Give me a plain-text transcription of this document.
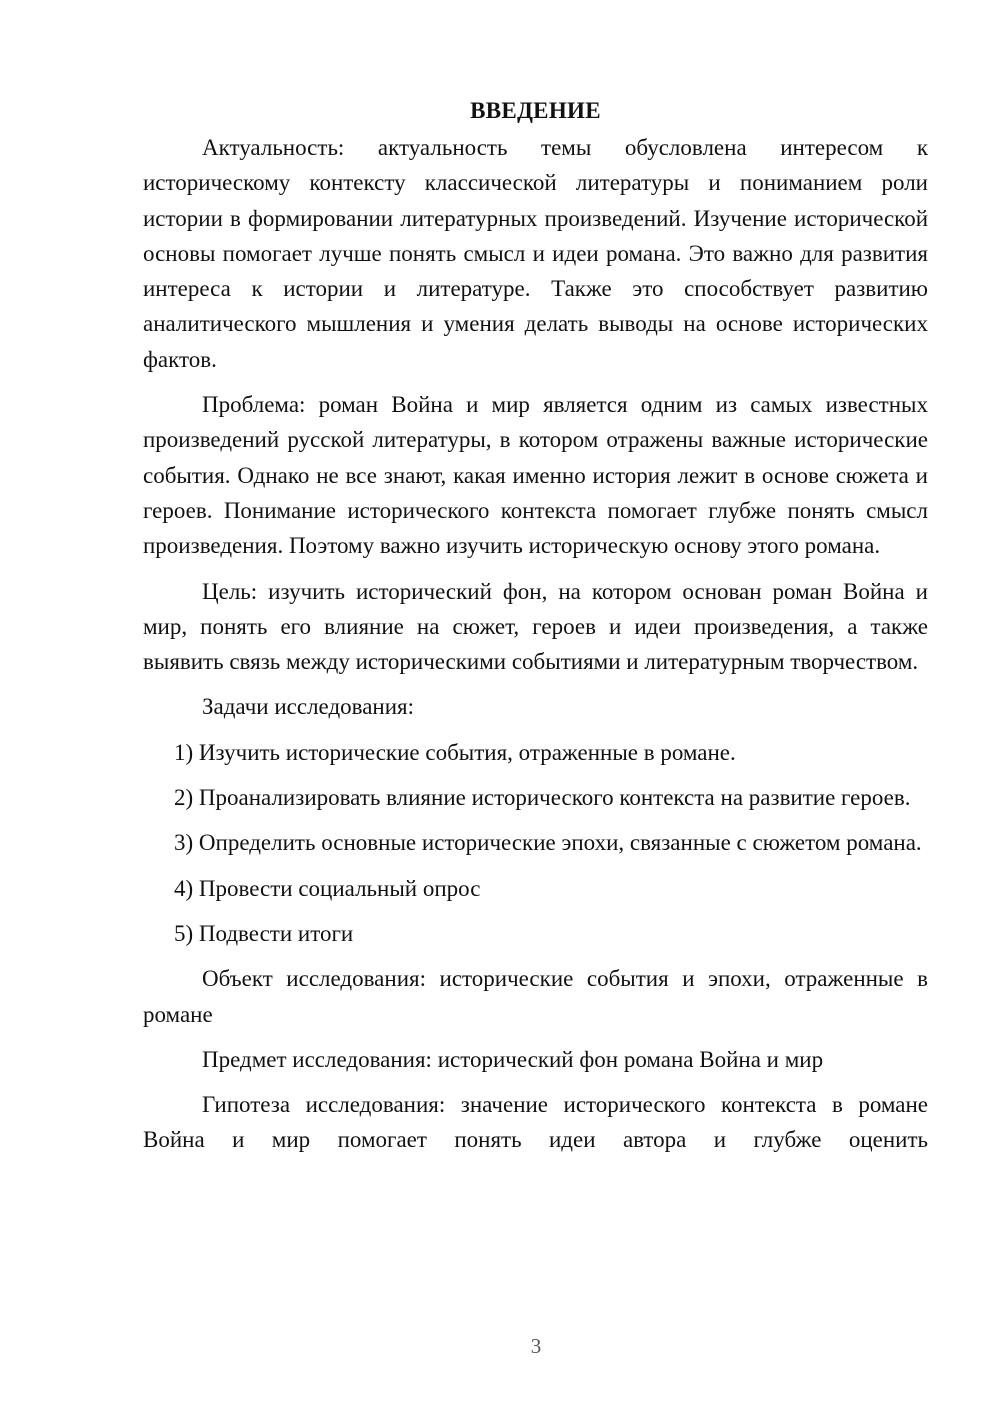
ВВЕДЕНИЕ

Актуальность: актуальность темы обусловлена интересом к историческому контексту классической литературы и пониманием роли истории в формировании литературных произведений. Изучение исторической основы помогает лучше понять смысл и идеи романа. Это важно для развития интереса к истории и литературе. Также это способствует развитию аналитического мышления и умения делать выводы на основе исторических фактов.

Проблема: роман Война и мир является одним из самых известных произведений русской литературы, в котором отражены важные исторические события. Однако не все знают, какая именно история лежит в основе сюжета и героев. Понимание исторического контекста помогает глубже понять смысл произведения. Поэтому важно изучить историческую основу этого романа.

Цель: изучить исторический фон, на котором основан роман Война и мир, понять его влияние на сюжет, героев и идеи произведения, а также выявить связь между историческими событиями и литературным творчеством.

Задачи исследования:

1) Изучить исторические события, отраженные в романе.

2) Проанализировать влияние исторического контекста на развитие героев.

3) Определить основные исторические эпохи, связанные с сюжетом романа.

4) Провести социальный опрос

5) Подвести итоги

Объект исследования: исторические события и эпохи, отраженные в романе

Предмет исследования: исторический фон романа Война и мир

Гипотеза исследования: значение исторического контекста в романе Война и мир помогает понять идеи автора и глубже оценить

3
